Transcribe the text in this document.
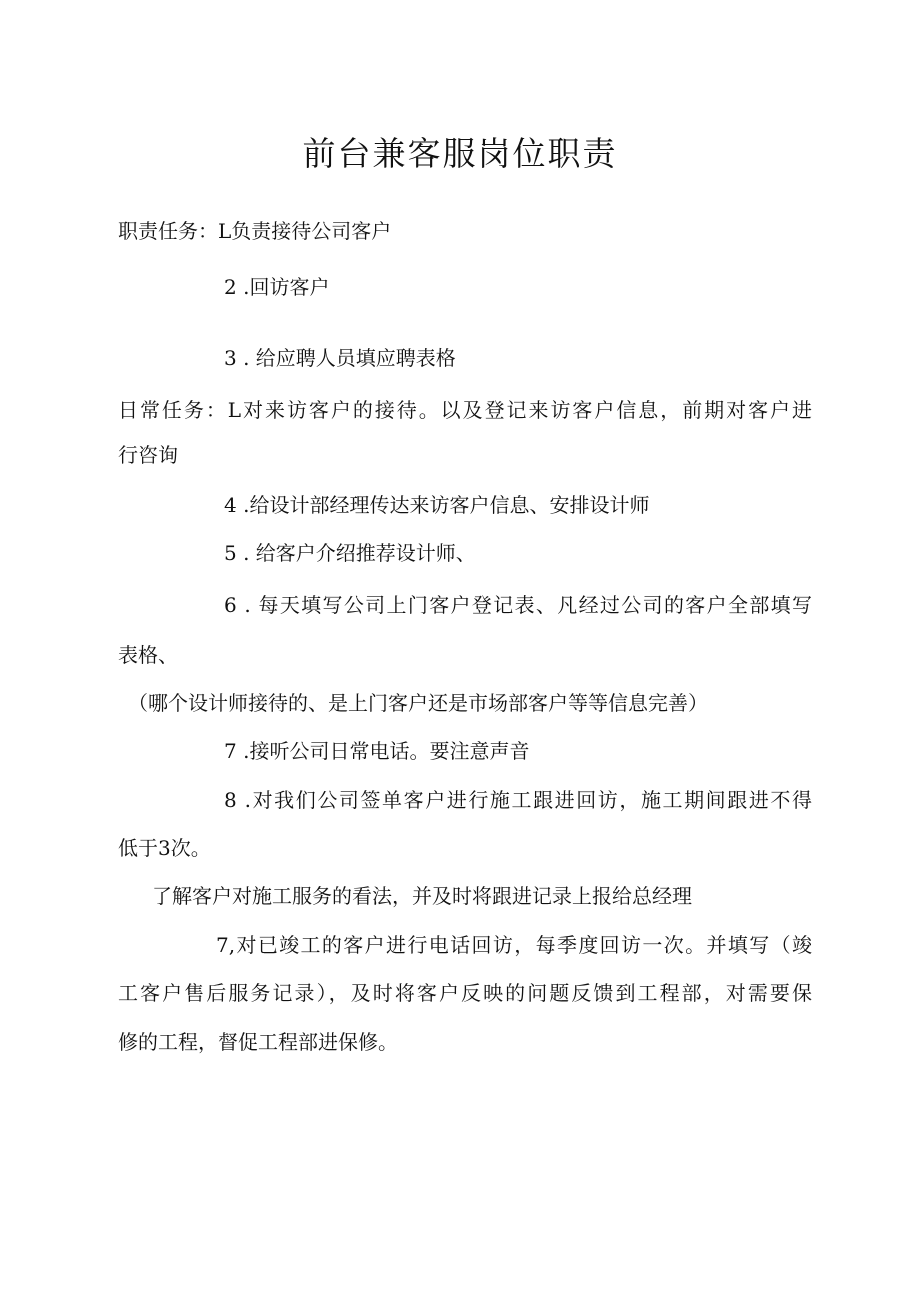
前台兼客服岗位职责

职责任务：L负责接待公司客户

2 .回访客户

3 . 给应聘人员填应聘表格

日常任务：L对来访客户的接待。以及登记来访客户信息，前期对客户进

行咨询

4 .给设计部经理传达来访客户信息、安排设计师

5 . 给客户介绍推荐设计师、

6 . 每天填写公司上门客户登记表、凡经过公司的客户全部填写

表格、

（哪个设计师接待的、是上门客户还是市场部客户等等信息完善）

7 .接听公司日常电话。要注意声音

8 .对我们公司签单客户进行施工跟进回访，施工期间跟进不得

低于3次。

了解客户对施工服务的看法，并及时将跟进记录上报给总经理

7,对已竣工的客户进行电话回访，每季度回访一次。并填写（竣

工客户售后服务记录），及时将客户反映的问题反馈到工程部，对需要保

修的工程，督促工程部进保修。
